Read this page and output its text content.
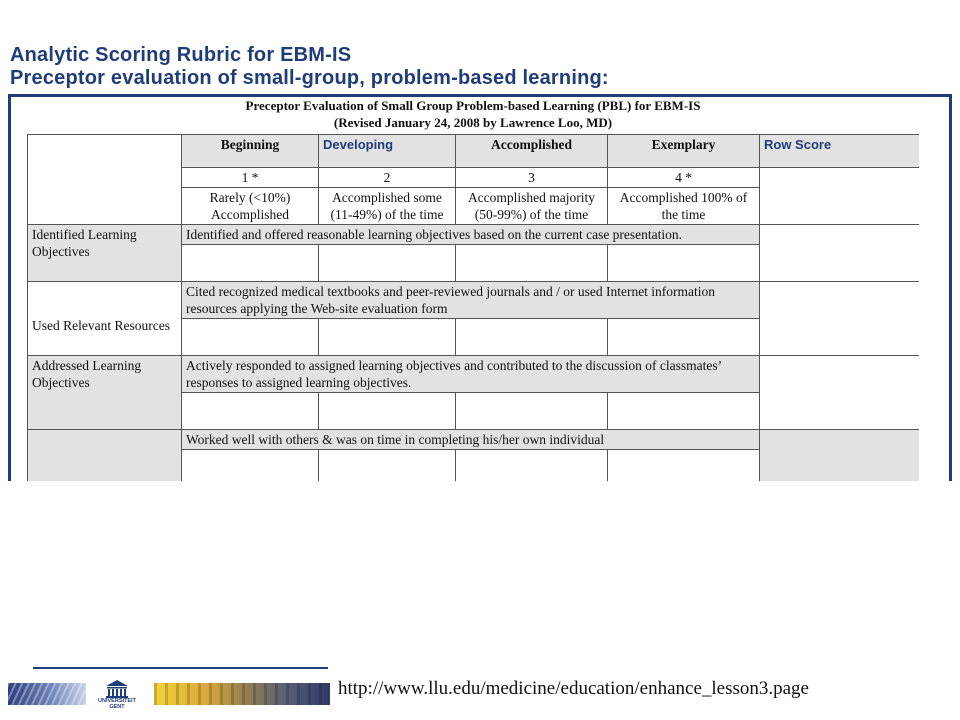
Analytic Scoring Rubric for EBM-IS
Preceptor evaluation of small-group, problem-based learning:
Preceptor Evaluation of Small Group Problem-based Learning (PBL) for EBM-IS
(Revised January 24, 2008 by Lawrence Loo, MD)
	Beginning	Developing	Accomplished	Exemplary	Row Score
	1 *	2	3	4 *	
	Rarely (<10%) Accomplished	Accomplished some (11-49%) of the time	Accomplished majority (50-99%) of the time	Accomplished 100% of the time	
Identified Learning Objectives	Identified and offered reasonable learning objectives based on the current case presentation.				

Used Relevant Resources	Cited recognized medical textbooks and peer-reviewed journals and / or used Internet information resources applying the Web-site evaluation form				

Addressed Learning Objectives	Actively responded to assigned learning objectives and contributed to the discussion of classmates’ responses to assigned learning objectives.				

	Worked well with others & was on time in completing his/her own individual				

UNIVERSITEIT
GENT
http://www.llu.edu/medicine/education/enhance_lesson3.page
